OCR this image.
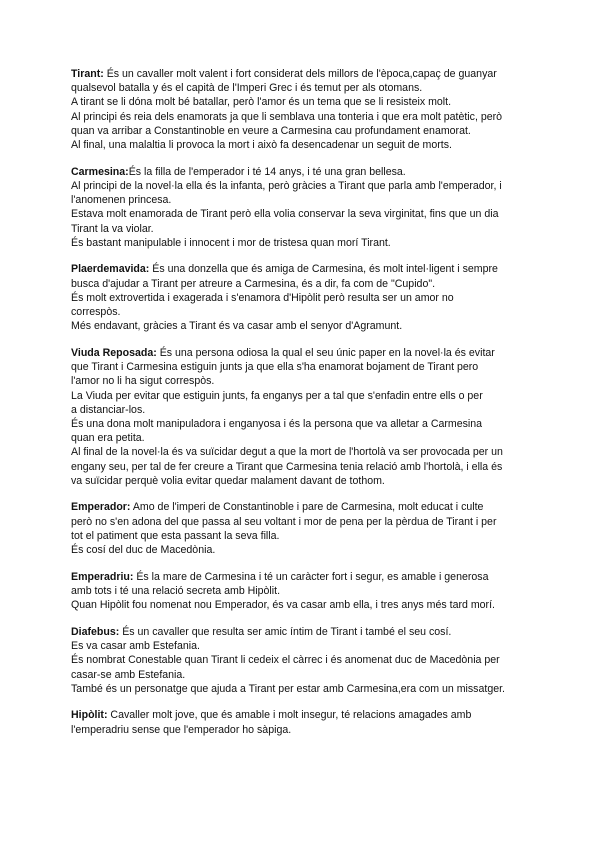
Tirant: És un cavaller molt valent i fort considerat dels millors de l'època,capaç de guanyar
qualsevol batalla y és el capità de l'Imperi Grec i és temut per als otomans.
A tirant se li dóna molt bé batallar, però l'amor és un tema que se li resisteix molt.
Al principi és reia dels enamorats ja que li semblava una tonteria i que era molt patètic, però
quan va arribar a Constantinoble en veure a Carmesina cau profundament enamorat.
Al final, una malaltia li provoca la mort i això fa desencadenar un seguit de morts.
Carmesina:És la filla de l'emperador i té 14 anys, i té una gran bellesa.
Al principi de la novel·la ella és la infanta, però gràcies a Tirant que parla amb l'emperador, i
l'anomenen princesa.
Estava molt enamorada de Tirant però ella volia conservar la seva virginitat, fins que un dia
Tirant la va violar.
És bastant manipulable i innocent i mor de tristesa quan morí Tirant.
Plaerdemavida: És una donzella que és amiga de Carmesina, és molt intel·ligent i sempre
busca d'ajudar a Tirant per atreure a Carmesina, és a dir, fa com de "Cupido".
És molt extrovertida i exagerada i s'enamora d'Hipòlit però resulta ser un amor no
correspòs.
Més endavant, gràcies a Tirant és va casar amb el senyor d'Agramunt.
Viuda Reposada: És una persona odiosa la qual el seu únic paper en la novel·la és evitar
que Tirant i Carmesina estiguin junts ja que ella s'ha enamorat bojament de Tirant pero
l'amor no li ha sigut correspòs.
La Viuda per evitar que estiguin junts, fa enganys per a tal que s'enfadin entre ells o per
a distanciar-los.
És una dona molt manipuladora i enganyosa i és la persona que va alletar a Carmesina
quan era petita.
Al final de la novel·la és va suïcidar degut a que la mort de l'hortolà va ser provocada per un
engany seu, per tal de fer creure a Tirant que Carmesina tenia relació amb l'hortolà, i ella és
va suïcidar perquè volia evitar quedar malament davant de tothom.
Emperador: Amo de l'imperi de Constantinoble i pare de Carmesina, molt educat i culte
però no s'en adona del que passa al seu voltant i mor de pena per la pèrdua de Tirant i per
tot el patiment que esta passant la seva filla.
És cosí del duc de Macedònia.
Emperadriu: És la mare de Carmesina i té un caràcter fort i segur, es amable i generosa
amb tots i té una relació secreta amb Hipòlit.
Quan Hipòlit fou nomenat nou Emperador, és va casar amb ella, i tres anys més tard morí.
Diafebus: És un cavaller que resulta ser amic íntim de Tirant i també el seu cosí.
Es va casar amb Estefania.
És nombrat Conestable quan Tirant li cedeix el càrrec i és anomenat duc de Macedònia per
casar-se amb Estefania.
També és un personatge que ajuda a Tirant per estar amb Carmesina,era com un missatger.
Hipòlit: Cavaller molt jove, que és amable i molt insegur, té relacions amagades amb
l'emperadriu sense que l'emperador ho sàpiga.
